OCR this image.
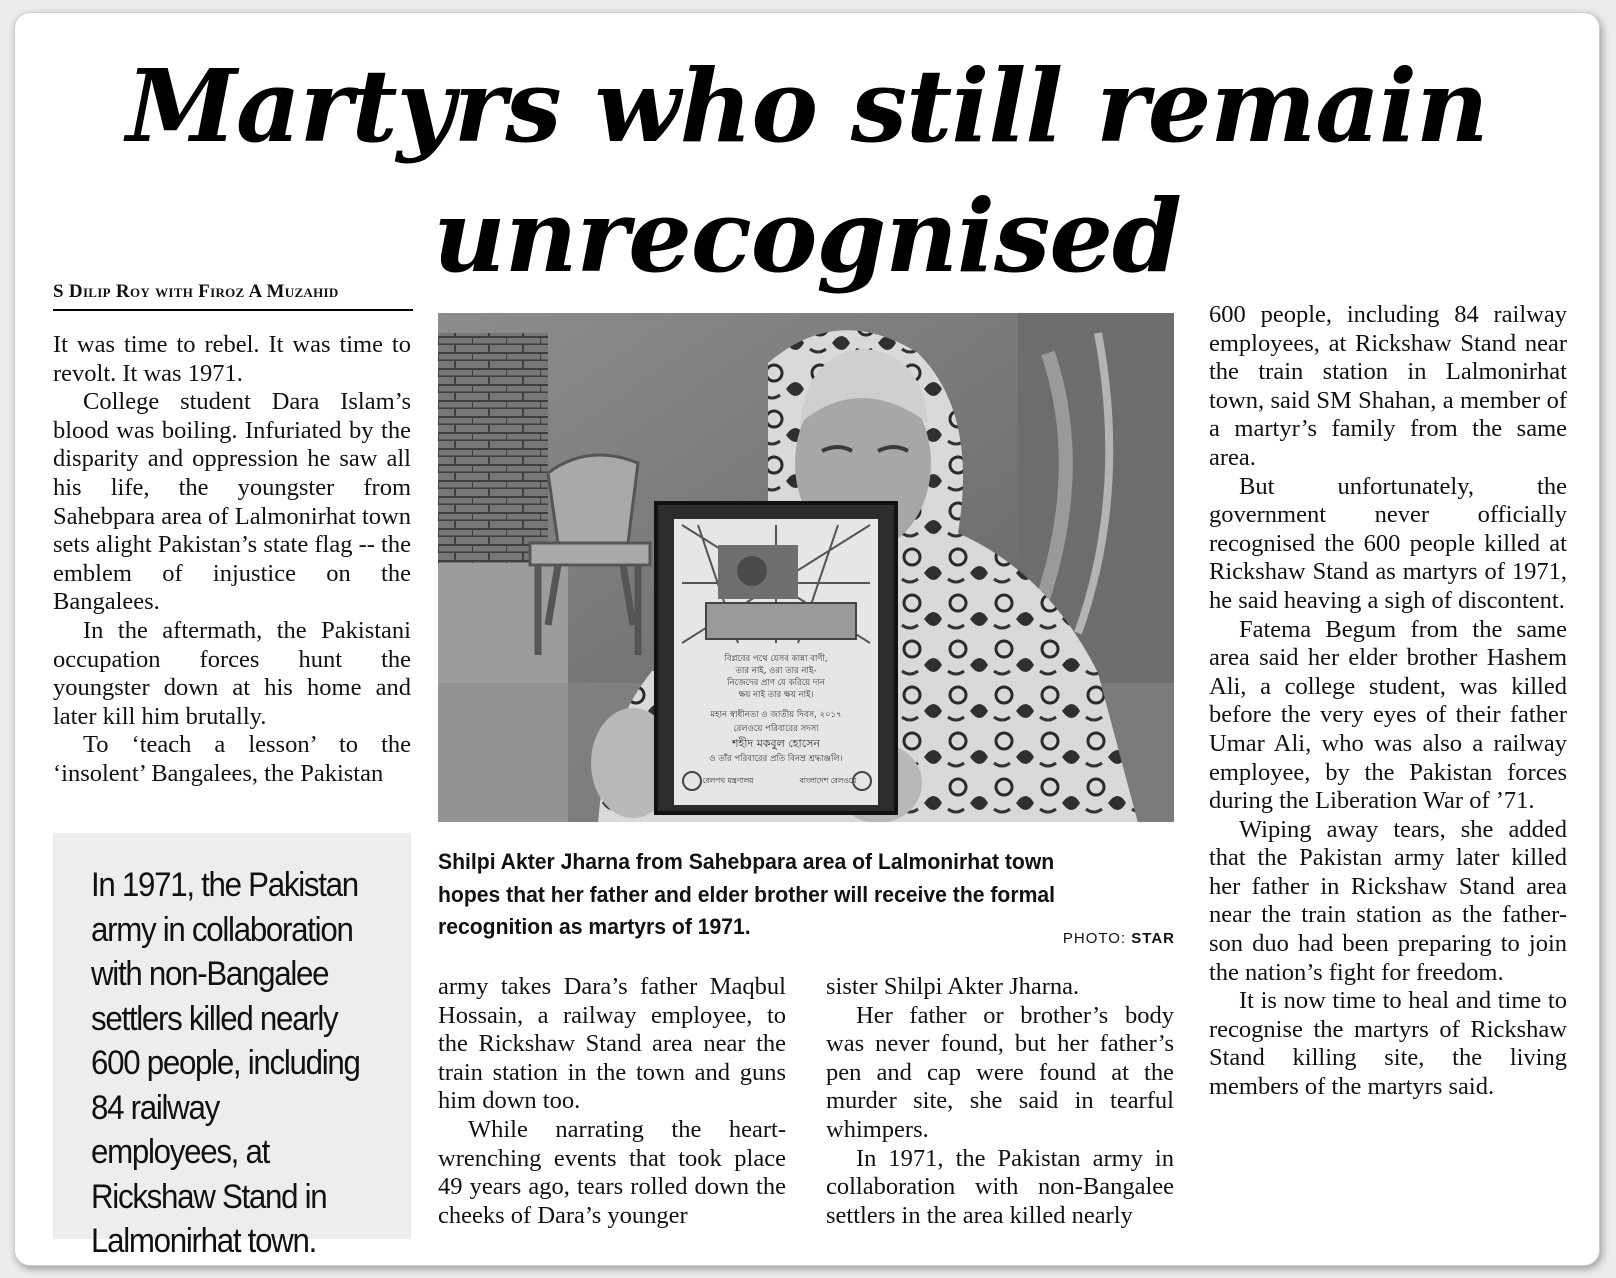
Martyrs who still remain unrecognised
S Dilip Roy with Firoz A Muzahid

It was time to rebel. It was time to revolt. It was 1971.

College student Dara Islam’s blood was boiling. Infuriated by the disparity and oppression he saw all his life, the youngster from Sahebpara area of Lalmonirhat town sets alight Pakistan’s state flag -- the emblem of injustice on the Bangalees.

In the aftermath, the Pakistani occupation forces hunt the youngster down at his home and later kill him brutally.

To ‘teach a lesson’ to the ‘insolent’ Bangalees, the Pakistan

In 1971, the Pakistan army in collaboration with non-Bangalee settlers killed nearly 600 people, including 84 railway employees, at Rickshaw Stand in Lalmonirhat town.
বিপ্লবের পথে যেসব কান্না বাণী,
তার নাই, ওরা তার নাই-
নিজেদের প্রাণ যে করিয়ে দান
ক্ষয় নাই তার ক্ষয় নাই।
মহান স্বাধীনতা ও জাতীয় দিবস, ২০১৭
রেলওয়ে পরিবারের সদস্য
শহীদ মকবুল হোসেন
ও তাঁর পরিবারের প্রতি বিনম্র শ্রদ্ধাঞ্জলি।
রেলপথ মন্ত্রণালয়	বাংলাদেশ রেলওয়ে
Shilpi Akter Jharna from Sahebpara area of Lalmonirhat town hopes that her father and elder brother will receive the formal recognition as martyrs of 1971.	PHOTO: STAR

army takes Dara’s father Maqbul Hossain, a railway employee, to the Rickshaw Stand area near the train station in the town and guns him down too.

While narrating the heart-wrenching events that took place 49 years ago, tears rolled down the cheeks of Dara’s younger

sister Shilpi Akter Jharna.

Her father or brother’s body was never found, but her father’s pen and cap were found at the murder site, she said in tearful whimpers.

In 1971, the Pakistan army in collaboration with non-Bangalee settlers in the area killed nearly

600 people, including 84 railway employees, at Rickshaw Stand near the train station in Lalmonirhat town, said SM Shahan, a member of a martyr’s family from the same area.

But unfortunately, the government never officially recognised the 600 people killed at Rickshaw Stand as martyrs of 1971, he said heaving a sigh of discontent.

Fatema Begum from the same area said her elder brother Hashem Ali, a college student, was killed before the very eyes of their father Umar Ali, who was also a railway employee, by the Pakistan forces during the Liberation War of ’71.

Wiping away tears, she added that the Pakistan army later killed her father in Rickshaw Stand area near the train station as the father-son duo had been preparing to join the nation’s fight for freedom.

It is now time to heal and time to recognise the martyrs of Rickshaw Stand killing site, the living members of the martyrs said.
